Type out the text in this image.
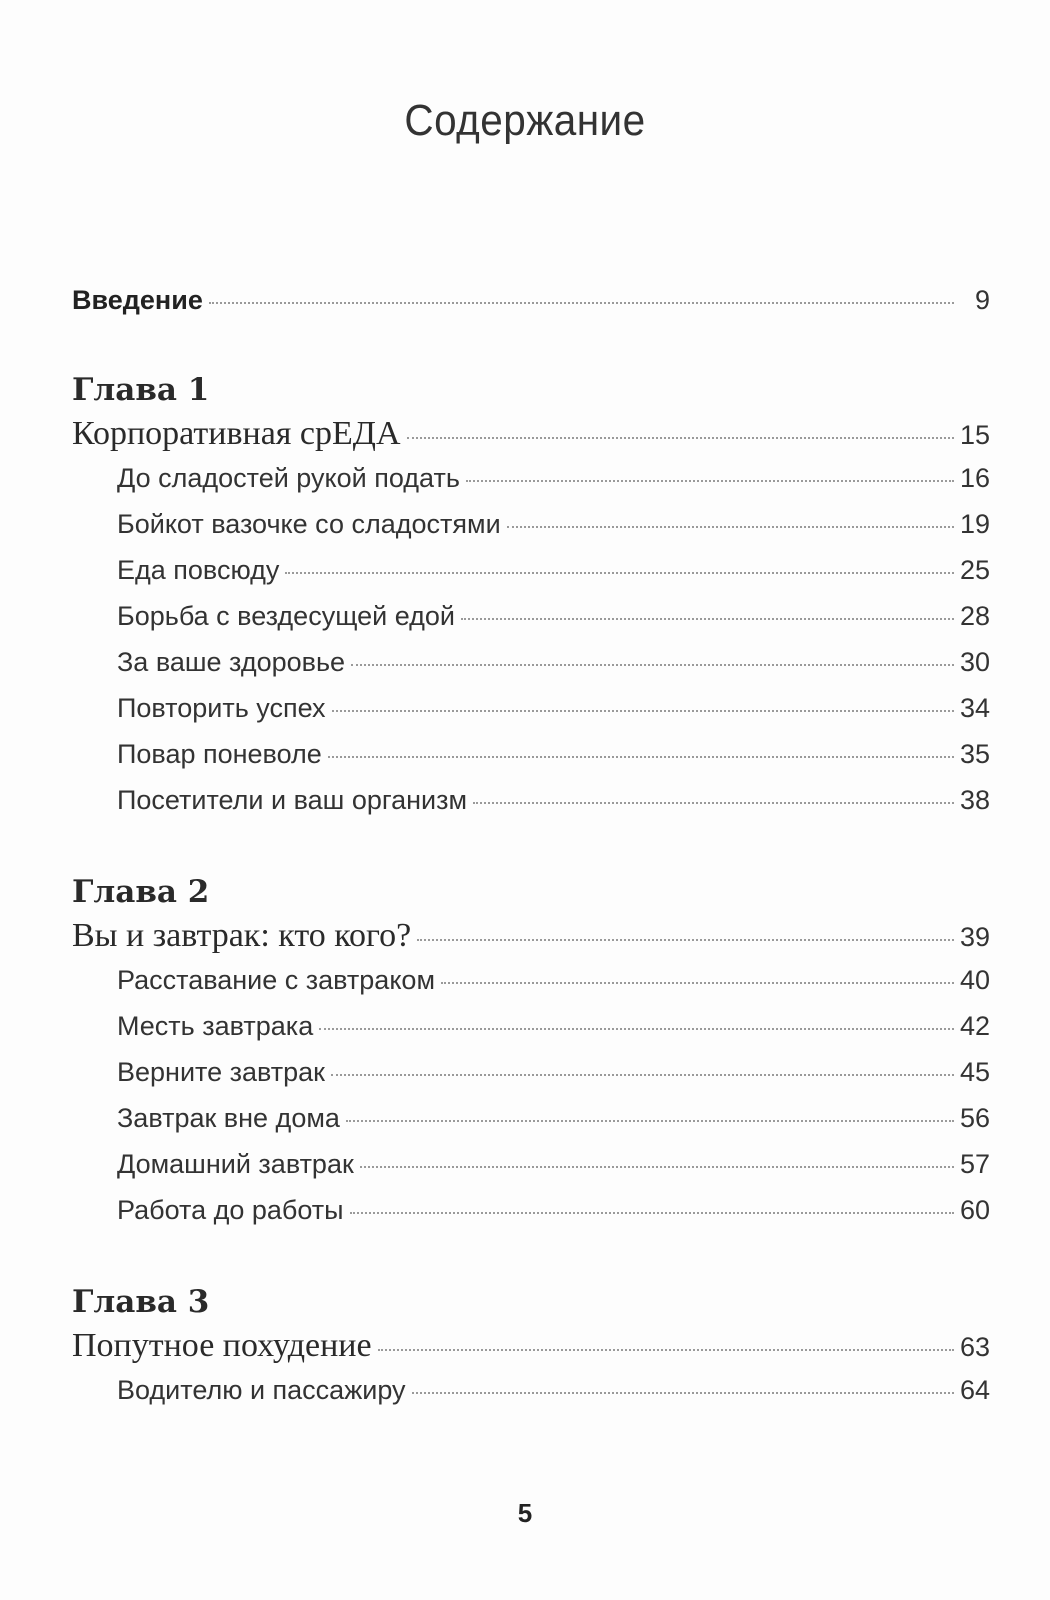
Содержание
Введение	9
Глава 1
Корпоративная срЕДА	15
До сладостей рукой подать	16
Бойкот вазочке со сладостями	19
Еда повсюду	25
Борьба с вездесущей едой	28
За ваше здоровье	30
Повторить успех	34
Повар поневоле	35
Посетители и ваш организм	38
Глава 2
Вы и завтрак: кто кого?	39
Расставание с завтраком	40
Месть завтрака	42
Верните завтрак	45
Завтрак вне дома	56
Домашний завтрак	57
Работа до работы	60
Глава 3
Попутное похудение	63
Водителю и пассажиру	64
5
